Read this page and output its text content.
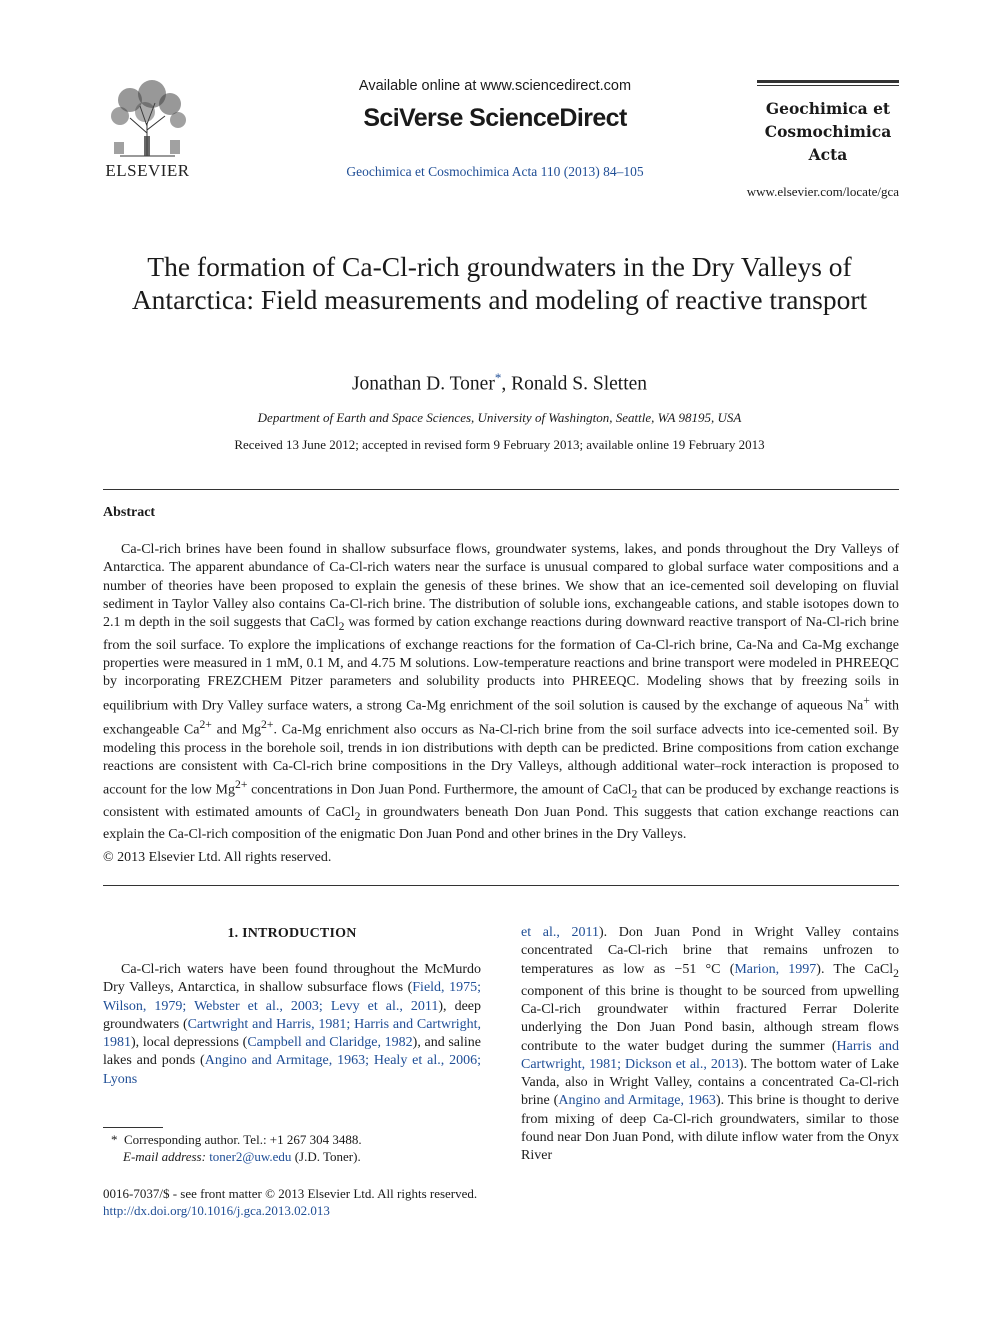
ELSEVIER
Available online at www.sciencedirect.com
SciVerse ScienceDirect
Geochimica et Cosmochimica Acta 110 (2013) 84–105
Geochimica et
Cosmochimica
Acta
www.elsevier.com/locate/gca
The formation of Ca-Cl-rich groundwaters in the Dry Valleys of Antarctica: Field measurements and modeling of reactive transport
Jonathan D. Toner*, Ronald S. Sletten
Department of Earth and Space Sciences, University of Washington, Seattle, WA 98195, USA
Received 13 June 2012; accepted in revised form 9 February 2013; available online 19 February 2013
Abstract

Ca-Cl-rich brines have been found in shallow subsurface flows, groundwater systems, lakes, and ponds throughout the Dry Valleys of Antarctica. The apparent abundance of Ca-Cl-rich waters near the surface is unusual compared to global surface water compositions and a number of theories have been proposed to explain the genesis of these brines. We show that an ice-cemented soil developing on fluvial sediment in Taylor Valley also contains Ca-Cl-rich brine. The distribution of soluble ions, exchangeable cations, and stable isotopes down to 2.1 m depth in the soil suggests that CaCl$_2$ was formed by cation exchange reactions during downward reactive transport of Na-Cl-rich brine from the soil surface. To explore the implications of exchange reactions for the formation of Ca-Cl-rich brine, Ca-Na and Ca-Mg exchange properties were measured in 1 mM, 0.1 M, and 4.75 M solutions. Low-temperature reactions and brine transport were modeled in PHREEQC by incorporating FREZCHEM Pitzer parameters and solubility products into PHREEQC. Modeling shows that by freezing soils in equilibrium with Dry Valley surface waters, a strong Ca-Mg enrichment of the soil solution is caused by the exchange of aqueous Na+ with exchangeable $Ca^{2+}$ and $Mg^{2+}$. Ca-Mg enrichment also occurs as Na-Cl-rich brine from the soil surface advects into ice-cemented soil. By modeling this process in the borehole soil, trends in ion distributions with depth can be predicted. Brine compositions from cation exchange reactions are consistent with Ca-Cl-rich brine compositions in the Dry Valleys, although additional water–rock interaction is proposed to account for the low $Mg^{2+}$ concentrations in Don Juan Pond. Furthermore, the amount of CaCl$_2$ that can be produced by exchange reactions is consistent with estimated amounts of CaCl$_2$ in groundwaters beneath Don Juan Pond. This suggests that cation exchange reactions can explain the Ca-Cl-rich composition of the enigmatic Don Juan Pond and other brines in the Dry Valleys.

© 2013 Elsevier Ltd. All rights reserved.
1. INTRODUCTION

Ca-Cl-rich waters have been found throughout the McMurdo Dry Valleys, Antarctica, in shallow subsurface flows (Field, 1975; Wilson, 1979; Webster et al., 2003; Levy et al., 2011), deep groundwaters (Cartwright and Harris, 1981; Harris and Cartwright, 1981), local depressions (Campbell and Claridge, 1982), and saline lakes and ponds (Angino and Armitage, 1963; Healy et al., 2006; Lyons

* Corresponding author. Tel.: +1 267 304 3488.
E-mail address: toner2@uw.edu (J.D. Toner).
0016-7037/$ - see front matter © 2013 Elsevier Ltd. All rights reserved.
http://dx.doi.org/10.1016/j.gca.2013.02.013

et al., 2011). Don Juan Pond in Wright Valley contains concentrated Ca-Cl-rich brine that remains unfrozen to temperatures as low as −51 °C (Marion, 1997). The CaCl$_2$ component of this brine is thought to be sourced from upwelling Ca-Cl-rich groundwater within fractured Ferrar Dolerite underlying the Don Juan Pond basin, although stream flows contribute to the water budget during the summer (Harris and Cartwright, 1981; Dickson et al., 2013). The bottom water of Lake Vanda, also in Wright Valley, contains a concentrated Ca-Cl-rich brine (Angino and Armitage, 1963). This brine is thought to derive from mixing of deep Ca-Cl-rich groundwaters, similar to those found near Don Juan Pond, with dilute inflow water from the Onyx River
